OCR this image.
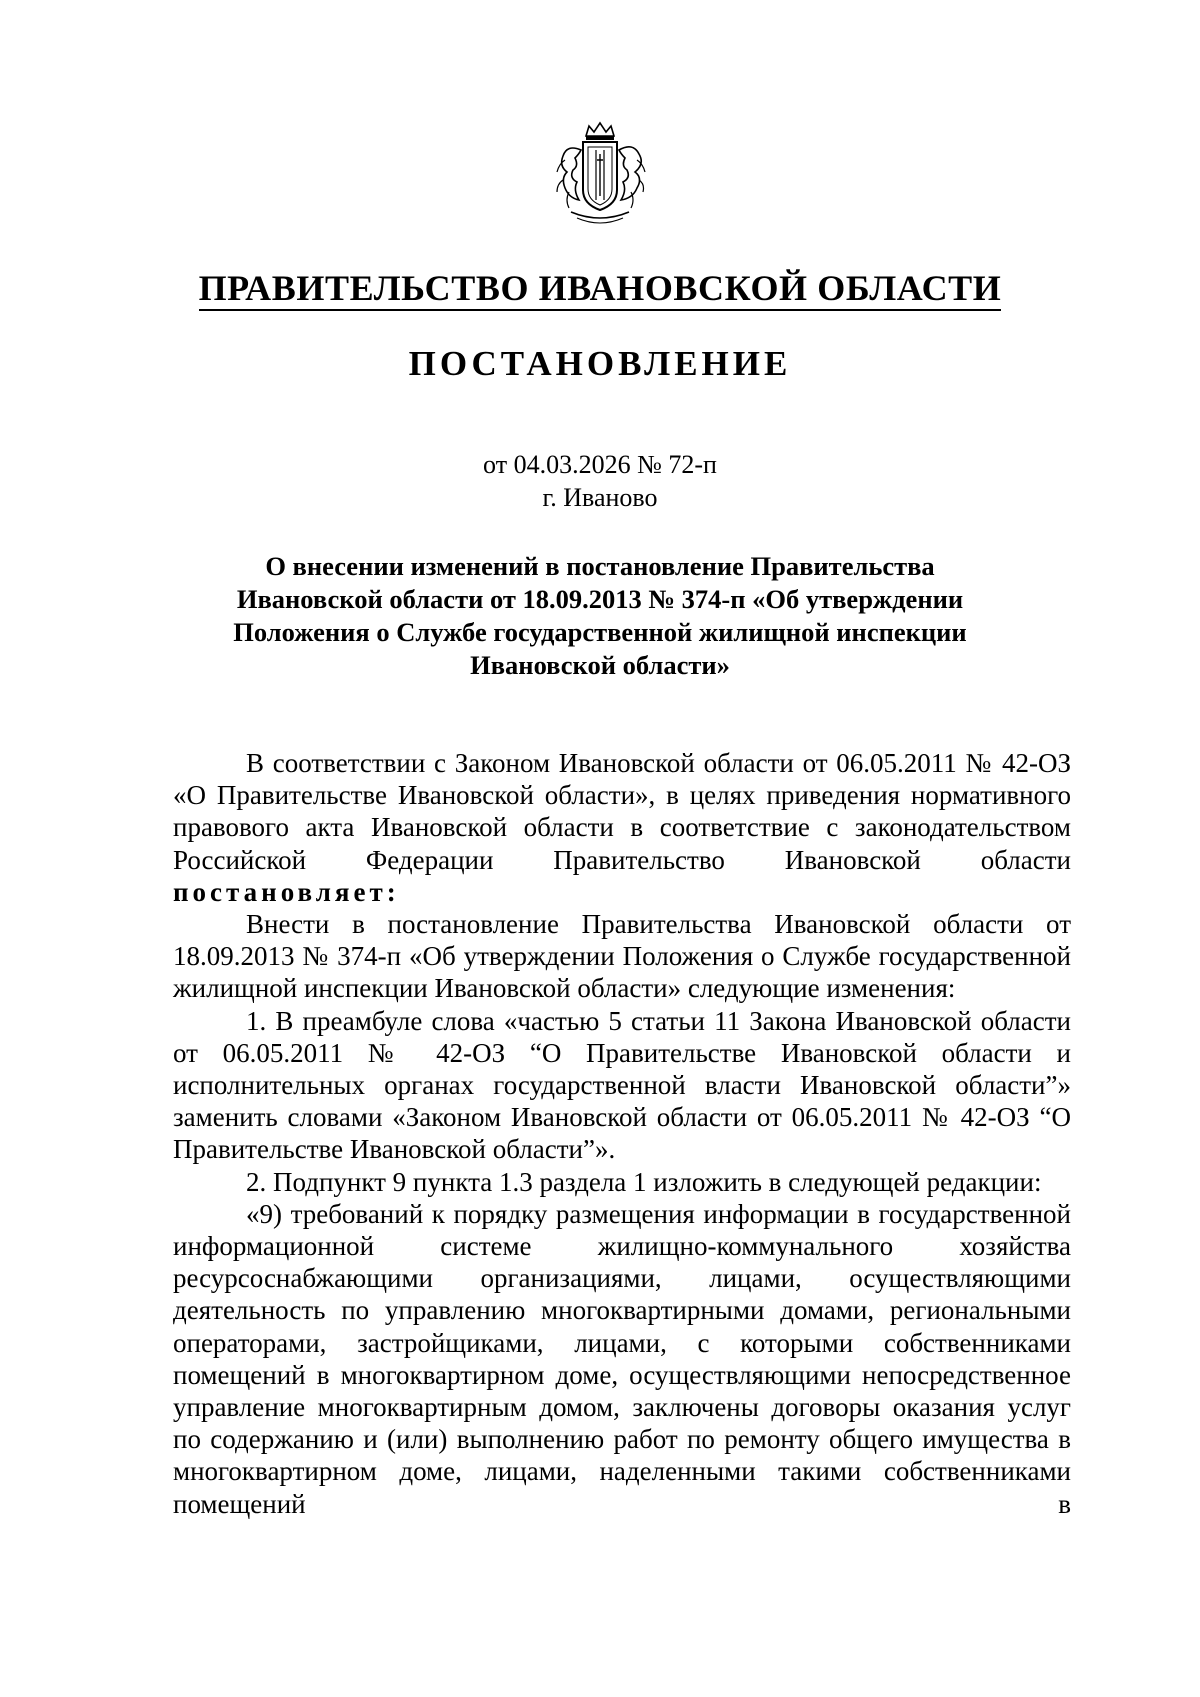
ПРАВИТЕЛЬСТВО ИВАНОВСКОЙ ОБЛАСТИ
ПОСТАНОВЛЕНИЕ
от 04.03.2026 № 72-п
г. Иваново
О внесении изменений в постановление Правительства
Ивановской области от 18.09.2013 № 374-п «Об утверждении
Положения о Службе государственной жилищной инспекции
Ивановской области»

В соответствии с Законом Ивановской области от 06.05.2011 № 42-ОЗ «О Правительстве Ивановской области», в целях приведения нормативного правового акта Ивановской области в соответствие с законодательством Российской Федерации Правительство Ивановской области постановляет:

Внести в постановление Правительства Ивановской области от 18.09.2013 № 374-п «Об утверждении Положения о Службе государственной жилищной инспекции Ивановской области» следующие изменения:

1. В преамбуле слова «частью 5 статьи 11 Закона Ивановской области от 06.05.2011 № 42-ОЗ “О Правительстве Ивановской области и исполнительных органах государственной власти Ивановской области”» заменить словами «Законом Ивановской области от 06.05.2011 № 42-ОЗ “О Правительстве Ивановской области”».

2. Подпункт 9 пункта 1.3 раздела 1 изложить в следующей редакции:

«9) требований к порядку размещения информации в государственной информационной системе жилищно-коммунального хозяйства ресурсоснабжающими организациями, лицами, осуществляющими деятельность по управлению многоквартирными домами, региональными операторами, застройщиками, лицами, с которыми собственниками помещений в многоквартирном доме, осуществляющими непосредственное управление многоквартирным домом, заключены договоры оказания услуг по содержанию и (или) выполнению работ по ремонту общего имущества в многоквартирном доме, лицами, наделенными такими собственниками помещений в
